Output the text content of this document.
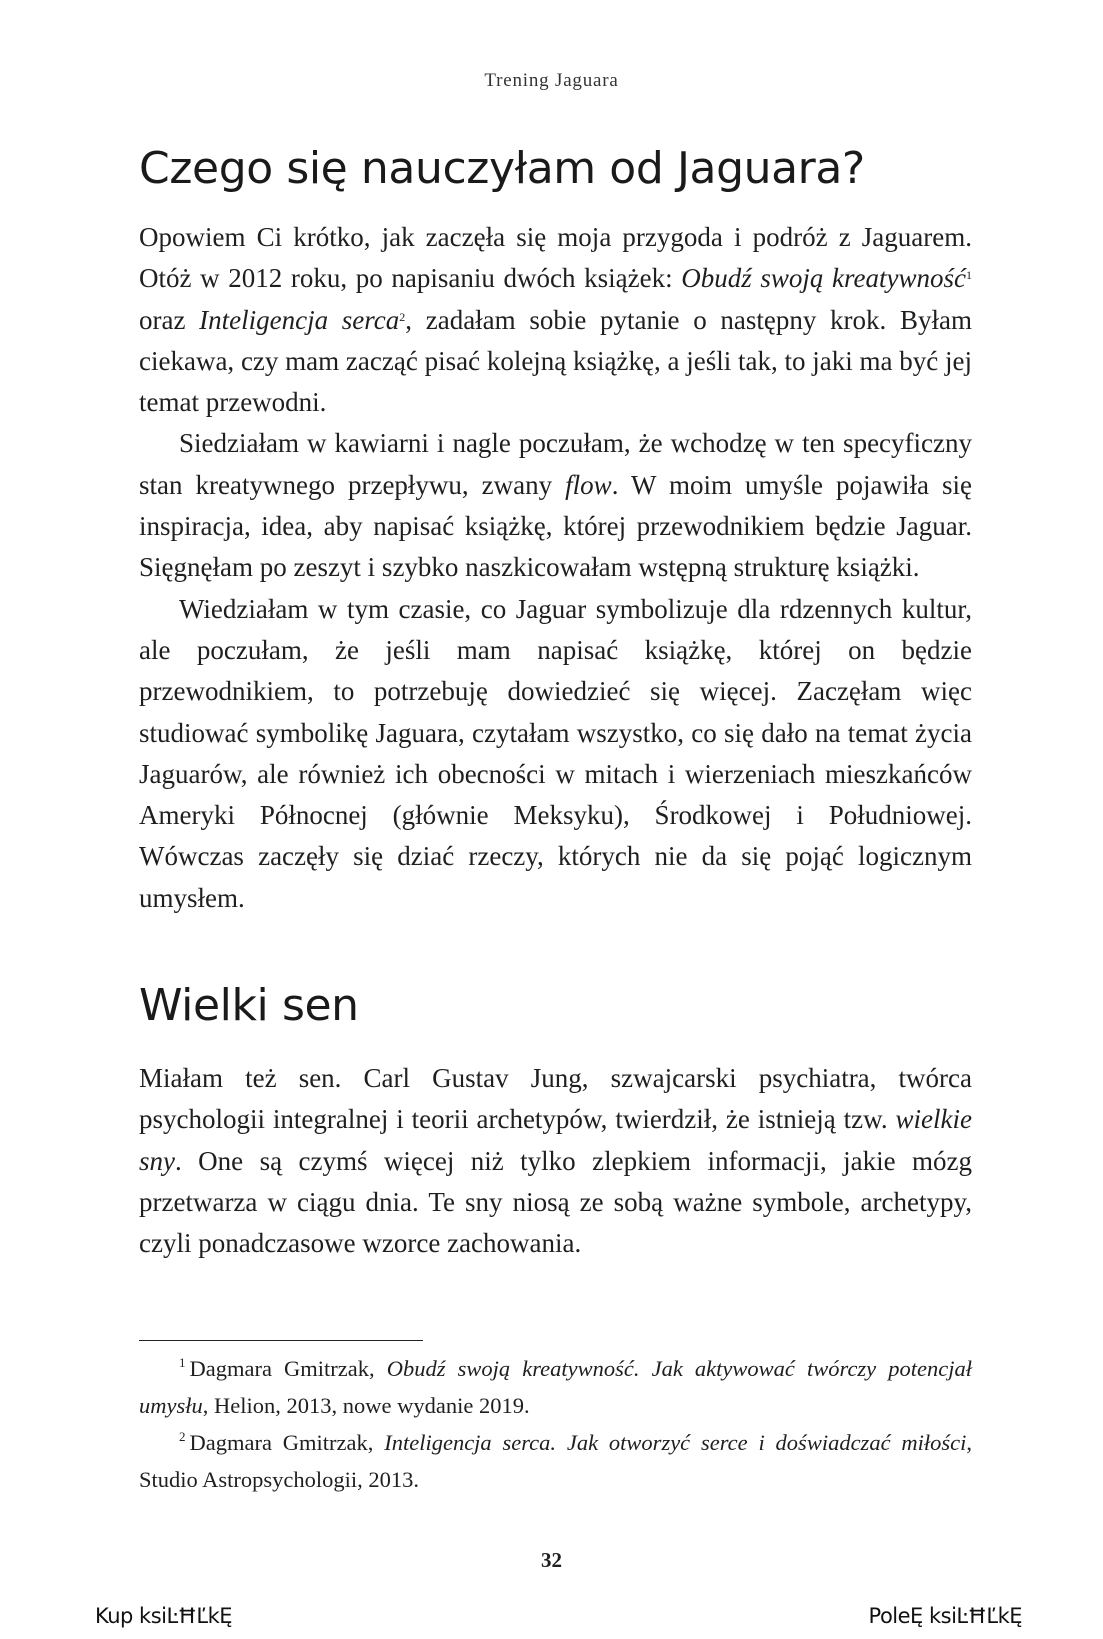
Trening Jaguara
Czego się nauczyłam od Jaguara?

Opowiem Ci krótko, jak zaczęła się moja przygoda i podróż z Jaguarem. Otóż w 2012 roku, po napisaniu dwóch książek: Obudź swoją kreatywność$^1$ oraz Inteligencja serca$^2$, zadałam sobie pytanie o następny krok. Byłam ciekawa, czy mam zacząć pisać kolejną książkę, a jeśli tak, to jaki ma być jej temat przewodni.

Siedziałam w kawiarni i nagle poczułam, że wchodzę w ten specyficzny stan kreatywnego przepływu, zwany flow. W moim umyśle pojawiła się inspiracja, idea, aby napisać książkę, której przewodnikiem będzie Jaguar. Sięgnęłam po zeszyt i szybko naszkicowałam wstępną strukturę książki.

Wiedziałam w tym czasie, co Jaguar symbolizuje dla rdzennych kultur, ale poczułam, że jeśli mam napisać książkę, której on będzie przewodnikiem, to potrzebuję dowiedzieć się więcej. Zaczęłam więc studiować symbolikę Jaguara, czytałam wszystko, co się dało na temat życia Jaguarów, ale również ich obecności w mitach i wierzeniach mieszkańców Ameryki Północnej (głównie Meksyku), Środkowej i Południowej. Wówczas zaczęły się dziać rzeczy, których nie da się pojąć logicznym umysłem.

Wielki sen

Miałam też sen. Carl Gustav Jung, szwajcarski psychiatra, twórca psychologii integralnej i teorii archetypów, twierdził, że istnieją tzw. wielkie sny. One są czymś więcej niż tylko zlepkiem informacji, jakie mózg przetwarza w ciągu dnia. Te sny niosą ze sobą ważne symbole, archetypy, czyli ponadczasowe wzorce zachowania.

$^1$ Dagmara Gmitrzak, Obudź swoją kreatywność. Jak aktywować twórczy potencjał umysłu, Helion, 2013, nowe wydanie 2019.

$^2$ Dagmara Gmitrzak, Inteligencja serca. Jak otworzyć serce i doświadczać miłości, Studio Astropsychologii, 2013.

32
Kup ksiĿĦĽkĘ	PoleĘ ksiĿĦĽkĘ
